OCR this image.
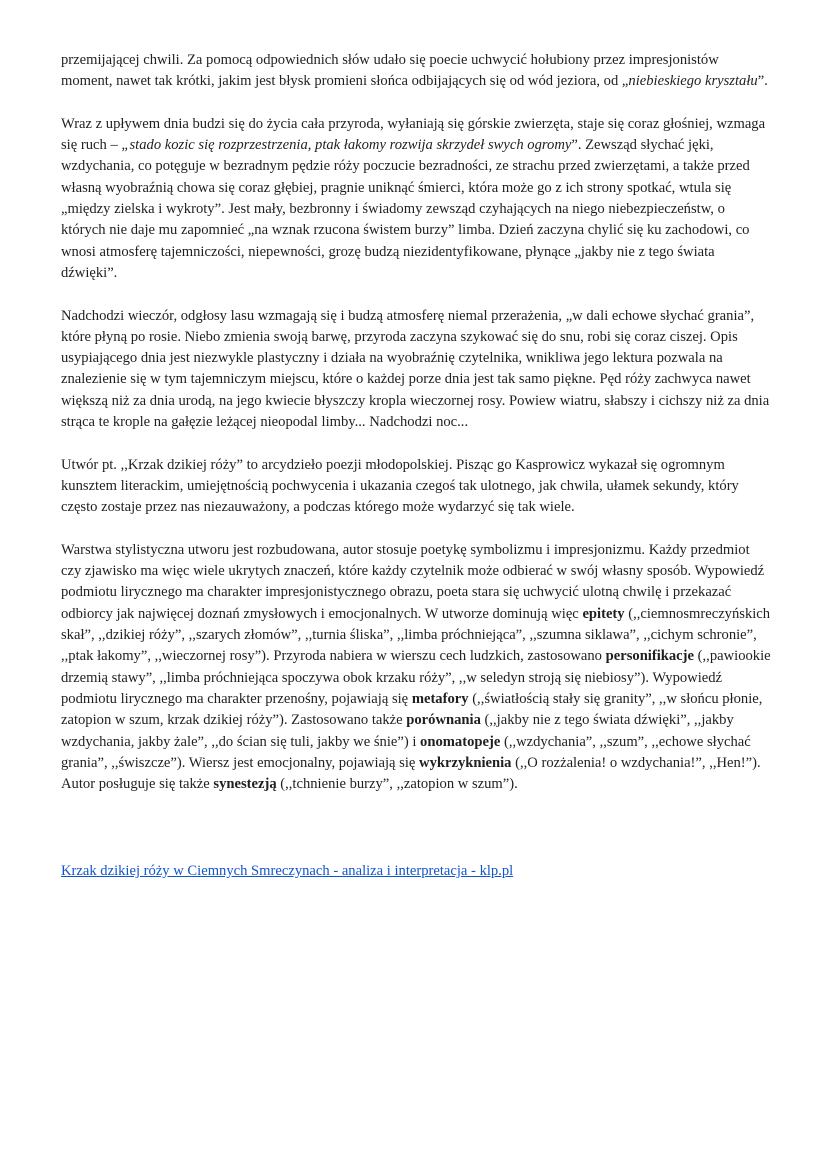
przemijającej chwili. Za pomocą odpowiednich słów udało się poecie uchwycić hołubiony przez impresjonistów moment, nawet tak krótki, jakim jest błysk promieni słońca odbijających się od wód jeziora, od „niebieskiego kryształu”.

Wraz z upływem dnia budzi się do życia cała przyroda, wyłaniają się górskie zwierzęta, staje się coraz głośniej, wzmaga się ruch – „stado kozic się rozprzestrzenia, ptak łakomy rozwija skrzydeł swych ogromy”. Zewsząd słychać jęki, wzdychania, co potęguje w bezradnym pędzie róży poczucie bezradności, ze strachu przed zwierzętami, a także przed własną wyobraźnią chowa się coraz głębiej, pragnie uniknąć śmierci, która może go z ich strony spotkać, wtula się „między zielska i wykroty”. Jest mały, bezbronny i świadomy zewsząd czyhających na niego niebezpieczeństw, o których nie daje mu zapomnieć „na wznak rzucona świstem burzy” limba. Dzień zaczyna chylić się ku zachodowi, co wnosi atmosferę tajemniczości, niepewności, grozę budzą niezidentyfikowane, płynące „jakby nie z tego świata dźwięki”.

Nadchodzi wieczór, odgłosy lasu wzmagają się i budzą atmosferę niemal przerażenia, „w dali echowe słychać grania”, które płyną po rosie. Niebo zmienia swoją barwę, przyroda zaczyna szykować się do snu, robi się coraz ciszej. Opis usypiającego dnia jest niezwykle plastyczny i działa na wyobraźnię czytelnika, wnikliwa jego lektura pozwala na znalezienie się w tym tajemniczym miejscu, które o każdej porze dnia jest tak samo piękne. Pęd róży zachwyca nawet większą niż za dnia urodą, na jego kwiecie błyszczy kropla wieczornej rosy. Powiew wiatru, słabszy i cichszy niż za dnia strąca te krople na gałęzie leżącej nieopodal limby... Nadchodzi noc...

Utwór pt. ,,Krzak dzikiej róży” to arcydzieło poezji młodopolskiej. Pisząc go Kasprowicz wykazał się ogromnym kunsztem literackim, umiejętnością pochwycenia i ukazania czegoś tak ulotnego, jak chwila, ułamek sekundy, który często zostaje przez nas niezauważony, a podczas którego może wydarzyć się tak wiele.

Warstwa stylistyczna utworu jest rozbudowana, autor stosuje poetykę symbolizmu i impresjonizmu. Każdy przedmiot czy zjawisko ma więc wiele ukrytych znaczeń, które każdy czytelnik może odbierać w swój własny sposób. Wypowiedź podmiotu lirycznego ma charakter impresjonistycznego obrazu, poeta stara się uchwycić ulotną chwilę i przekazać odbiorcy jak najwięcej doznań zmysłowych i emocjonalnych. W utworze dominują więc epitety (,,ciemnosmreczyńskich skał”, ,,dzikiej róży”, ,,szarych złomów”, ,,turnia śliska”, ,,limba próchniejąca”, ,,szumna siklawa”, ,,cichym schronie”, ,,ptak łakomy”, ,,wieczornej rosy”). Przyroda nabiera w wierszu cech ludzkich, zastosowano personifikacje (,,pawiookie drzemią stawy”, ,,limba próchniejąca spoczywa obok krzaku róży”, ,,w seledyn stroją się niebiosy”). Wypowiedź podmiotu lirycznego ma charakter przenośny, pojawiają się metafory (,,światłością stały się granity”, ,,w słońcu płonie, zatopion w szum, krzak dzikiej róży”). Zastosowano także porównania (,,jakby nie z tego świata dźwięki”, ,,jakby wzdychania, jakby żale”, ,,do ścian się tuli, jakby we śnie”) i onomatopeje (,,wzdychania”, ,,szum”, ,,echowe słychać grania”, ,,świszcze”). Wiersz jest emocjonalny, pojawiają się wykrzyknienia (,,O rozżalenia! o wzdychania!”, ,,Hen!”). Autor posługuje się także synestezją (,,tchnienie burzy”, ,,zatopion w szum”).

Krzak dzikiej róży w Ciemnych Smreczynach - analiza i interpretacja - klp.pl
